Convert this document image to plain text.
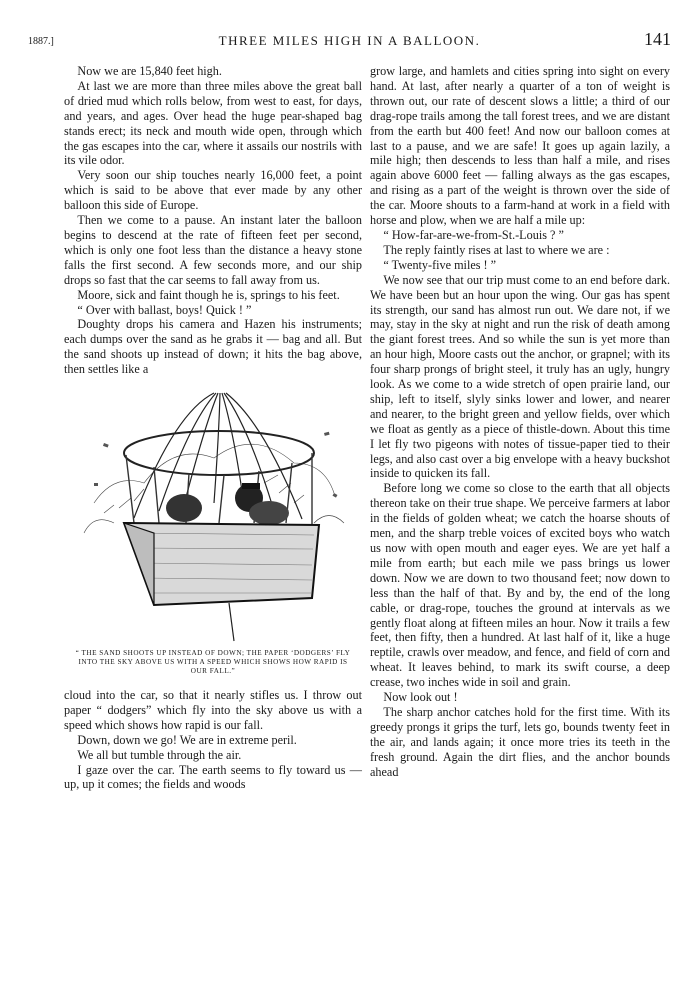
1887.]	THREE MILES HIGH IN A BALLOON.	141

Now we are 15,840 feet high.

At last we are more than three miles above the great ball of dried mud which rolls below, from west to east, for days, and years, and ages. Over head the huge pear-shaped bag stands erect; its neck and mouth wide open, through which the gas escapes into the car, where it assails our nostrils with its vile odor.

Very soon our ship touches nearly 16,000 feet, a point which is said to be above that ever made by any other balloon this side of Europe.

Then we come to a pause. An instant later the balloon begins to descend at the rate of fifteen feet per second, which is only one foot less than the distance a heavy stone falls the first second. A few seconds more, and our ship drops so fast that the car seems to fall away from us.

Moore, sick and faint though he is, springs to his feet.

“ Over with ballast, boys! Quick ! ”

Doughty drops his camera and Hazen his instruments; each dumps over the sand as he grabs it — bag and all. But the sand shoots up instead of down; it hits the bag above, then settles like a

“ THE SAND SHOOTS UP INSTEAD OF DOWN; THE PAPER ‘DODGERS’ FLY INTO THE SKY ABOVE US WITH A SPEED WHICH SHOWS HOW RAPID IS OUR FALL.”

cloud into the car, so that it nearly stifles us. I throw out paper “ dodgers” which fly into the sky above us with a speed which shows how rapid is our fall.

Down, down we go! We are in extreme peril.

We all but tumble through the air.

I gaze over the car. The earth seems to fly toward us — up, up it comes; the fields and woods

grow large, and hamlets and cities spring into sight on every hand. At last, after nearly a quarter of a ton of weight is thrown out, our rate of descent slows a little; a third of our drag-rope trails among the tall forest trees, and we are distant from the earth but 400 feet! And now our balloon comes at last to a pause, and we are safe! It goes up again lazily, a mile high; then descends to less than half a mile, and rises again above 6000 feet — falling always as the gas escapes, and rising as a part of the weight is thrown over the side of the car. Moore shouts to a farm-hand at work in a field with horse and plow, when we are half a mile up:

“ How-far-are-we-from-St.-Louis ? ”

The reply faintly rises at last to where we are :

“ Twenty-five miles ! ”

We now see that our trip must come to an end before dark. We have been but an hour upon the wing. Our gas has spent its strength, our sand has almost run out. We dare not, if we may, stay in the sky at night and run the risk of death among the giant forest trees. And so while the sun is yet more than an hour high, Moore casts out the anchor, or grapnel; with its four sharp prongs of bright steel, it truly has an ugly, hungry look. As we come to a wide stretch of open prairie land, our ship, left to itself, slyly sinks lower and lower, and nearer and nearer, to the bright green and yellow fields, over which we float as gently as a piece of thistle-down. About this time I let fly two pigeons with notes of tissue-paper tied to their legs, and also cast over a big envelope with a heavy buckshot inside to quicken its fall.

Before long we come so close to the earth that all objects thereon take on their true shape. We perceive farmers at labor in the fields of golden wheat; we catch the hoarse shouts of men, and the sharp treble voices of excited boys who watch us now with open mouth and eager eyes. We are yet half a mile from earth; but each mile we pass brings us lower down. Now we are down to two thousand feet; now down to less than the half of that. By and by, the end of the long cable, or drag-rope, touches the ground at intervals as we gently float along at fifteen miles an hour. Now it trails a few feet, then fifty, then a hundred. At last half of it, like a huge reptile, crawls over meadow, and fence, and field of corn and wheat. It leaves behind, to mark its swift course, a deep crease, two inches wide in soil and grain.

Now look out !

The sharp anchor catches hold for the first time. With its greedy prongs it grips the turf, lets go, bounds twenty feet in the air, and lands again; it once more tries its teeth in the fresh ground. Again the dirt flies, and the anchor bounds ahead
